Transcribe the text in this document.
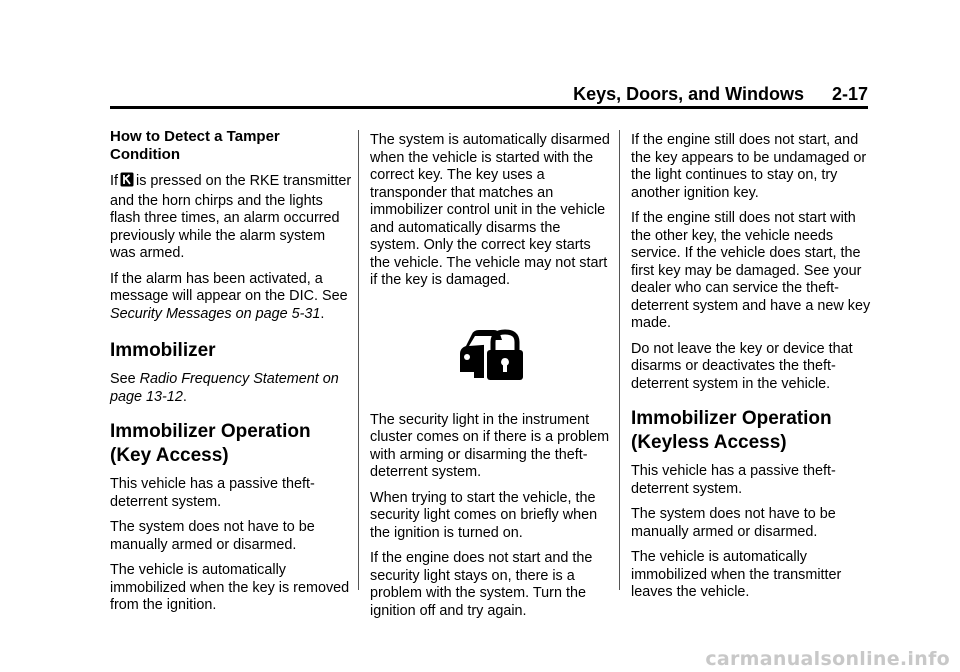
Keys, Doors, and Windows 2-17
How to Detect a Tamper Condition

If is pressed on the RKE transmitter and the horn chirps and the lights flash three times, an alarm occurred previously while the alarm system was armed.

If the alarm has been activated, a message will appear on the DIC. See Security Messages on page 5-31.

Immobilizer

See Radio Frequency Statement on page 13-12.

Immobilizer Operation (Key Access)

This vehicle has a passive theft-deterrent system.

The system does not have to be manually armed or disarmed.

The vehicle is automatically immobilized when the key is removed from the ignition.

The system is automatically disarmed when the vehicle is started with the correct key. The key uses a transponder that matches an immobilizer control unit in the vehicle and automatically disarms the system. Only the correct key starts the vehicle. The vehicle may not start if the key is damaged.

The security light in the instrument cluster comes on if there is a problem with arming or disarming the theft-deterrent system.

When trying to start the vehicle, the security light comes on briefly when the ignition is turned on.

If the engine does not start and the security light stays on, there is a problem with the system. Turn the ignition off and try again.

If the engine still does not start, and the key appears to be undamaged or the light continues to stay on, try another ignition key.

If the engine still does not start with the other key, the vehicle needs service. If the vehicle does start, the first key may be damaged. See your dealer who can service the theft-deterrent system and have a new key made.

Do not leave the key or device that disarms or deactivates the theft-deterrent system in the vehicle.

Immobilizer Operation (Keyless Access)

This vehicle has a passive theft-deterrent system.

The system does not have to be manually armed or disarmed.

The vehicle is automatically immobilized when the transmitter leaves the vehicle.

carmanualsonline.info
